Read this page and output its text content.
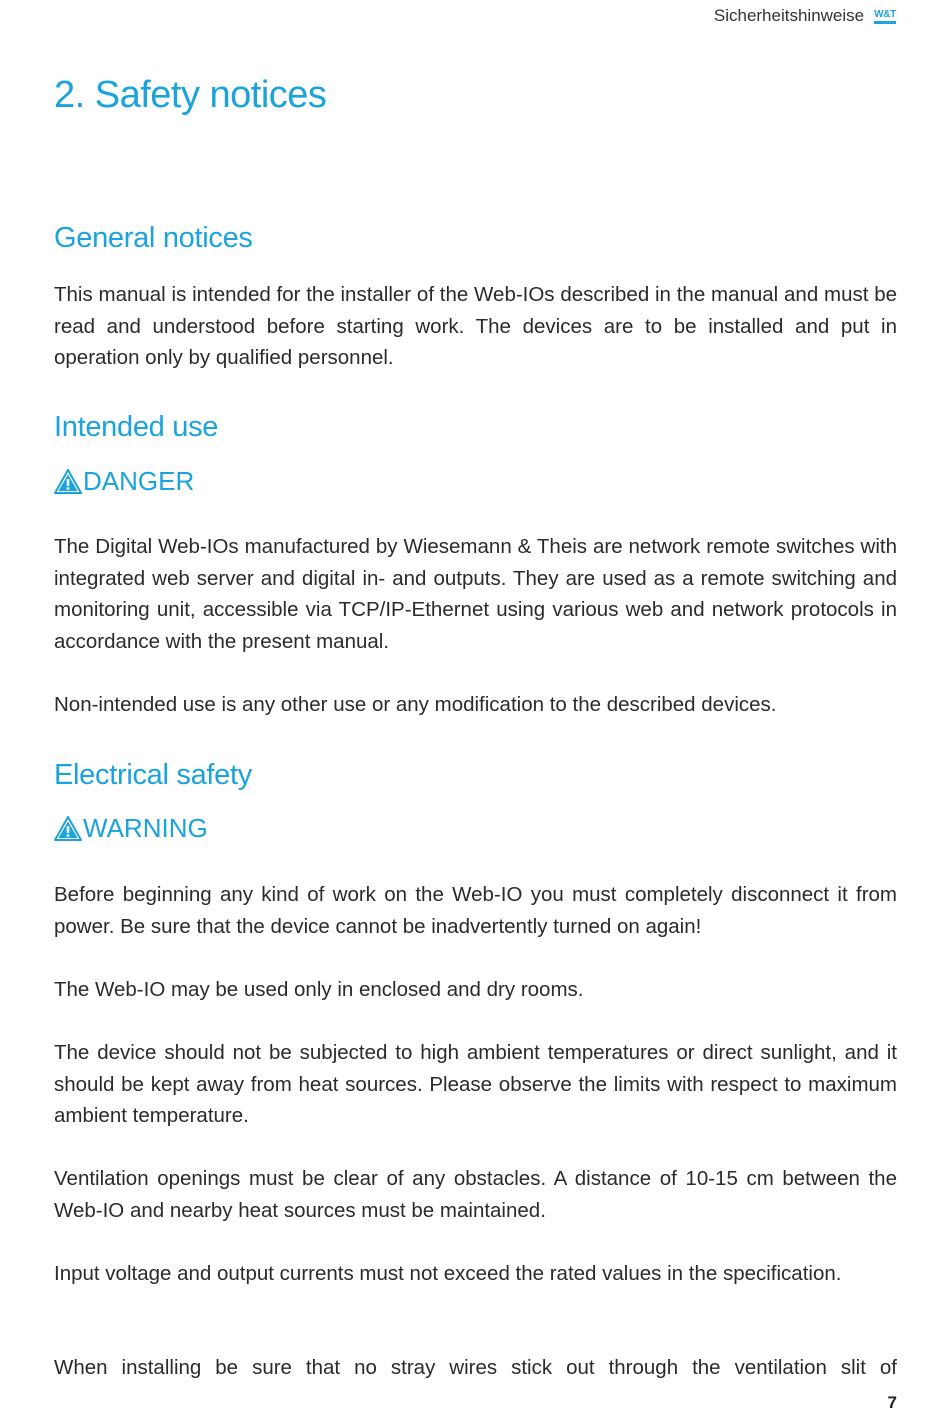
Sicherheitshinweise W&T
2. Safety notices
General notices

This manual is intended for the installer of the Web-IOs described in the manual and must be read and understood before starting work. The devices are to be installed and put in operation only by qualified personnel.

Intended use
DANGER

The Digital Web-IOs manufactured by Wiesemann & Theis are network remote switches with integrated web server and digital in- and outputs. They are used as a remote switching and monitoring unit, accessible via TCP/IP-Ethernet using various web and network protocols in accordance with the present manual.

Non-intended use is any other use or any modification to the described devices.

Electrical safety
WARNING

Before beginning any kind of work on the Web-IO you must completely disconnect it from power. Be sure that the device cannot be inadvertently turned on again!

The Web-IO may be used only in enclosed and dry rooms.

The device should not be subjected to high ambient temperatures or direct sunlight, and it should be kept away from heat sources. Please observe the limits with respect to maximum ambient temperature.

Ventilation openings must be clear of any obstacles. A distance of 10-15 cm between the Web-IO and nearby heat sources must be maintained.

Input voltage and output currents must not exceed the rated values in the specification.

When installing be sure that no stray wires stick out through the ventilation slit of

7
